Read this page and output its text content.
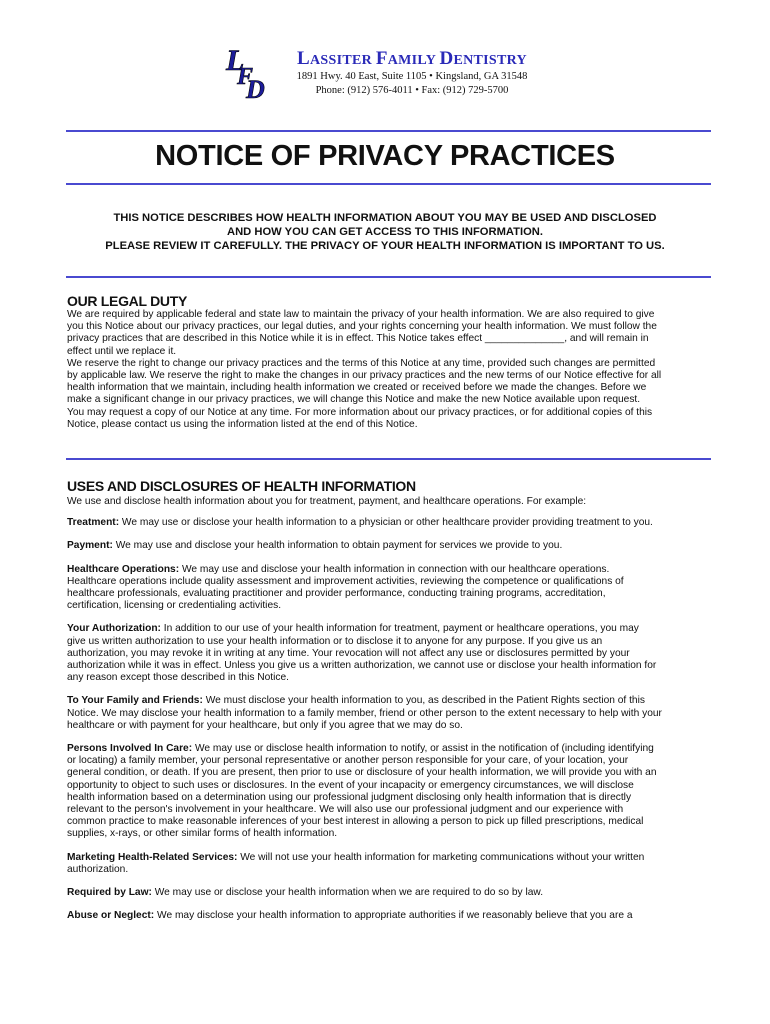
L
F
D
LASSITER FAMILY DENTISTRY
1891 Hwy. 40 East, Suite 1105 • Kingsland, GA 31548
Phone: (912) 576-4011 • Fax: (912) 729-5700
NOTICE OF PRIVACY PRACTICES
THIS NOTICE DESCRIBES HOW HEALTH INFORMATION ABOUT YOU MAY BE USED AND DISCLOSED
AND HOW YOU CAN GET ACCESS TO THIS INFORMATION.
PLEASE REVIEW IT CAREFULLY. THE PRIVACY OF YOUR HEALTH INFORMATION IS IMPORTANT TO US.
OUR LEGAL DUTY
We are required by applicable federal and state law to maintain the privacy of your health information. We are also required to give
you this Notice about our privacy practices, our legal duties, and your rights concerning your health information. We must follow the
privacy practices that are described in this Notice while it is in effect. This Notice takes effect ______________, and will remain in
effect until we replace it.
We reserve the right to change our privacy practices and the terms of this Notice at any time, provided such changes are permitted
by applicable law. We reserve the right to make the changes in our privacy practices and the new terms of our Notice effective for all
health information that we maintain, including health information we created or received before we made the changes. Before we
make a significant change in our privacy practices, we will change this Notice and make the new Notice available upon request.
You may request a copy of our Notice at any time. For more information about our privacy practices, or for additional copies of this
Notice, please contact us using the information listed at the end of this Notice.
USES AND DISCLOSURES OF HEALTH INFORMATION
We use and disclose health information about you for treatment, payment, and healthcare operations. For example:
Treatment: We may use or disclose your health information to a physician or other healthcare provider providing treatment to you.
Payment: We may use and disclose your health information to obtain payment for services we provide to you.
Healthcare Operations: We may use and disclose your health information in connection with our healthcare operations.
Healthcare operations include quality assessment and improvement activities, reviewing the competence or qualifications of
healthcare professionals, evaluating practitioner and provider performance, conducting training programs, accreditation,
certification, licensing or credentialing activities.
Your Authorization: In addition to our use of your health information for treatment, payment or healthcare operations, you may
give us written authorization to use your health information or to disclose it to anyone for any purpose. If you give us an
authorization, you may revoke it in writing at any time. Your revocation will not affect any use or disclosures permitted by your
authorization while it was in effect. Unless you give us a written authorization, we cannot use or disclose your health information for
any reason except those described in this Notice.
To Your Family and Friends: We must disclose your health information to you, as described in the Patient Rights section of this
Notice. We may disclose your health information to a family member, friend or other person to the extent necessary to help with your
healthcare or with payment for your healthcare, but only if you agree that we may do so.
Persons Involved In Care: We may use or disclose health information to notify, or assist in the notification of (including identifying
or locating) a family member, your personal representative or another person responsible for your care, of your location, your
general condition, or death. If you are present, then prior to use or disclosure of your health information, we will provide you with an
opportunity to object to such uses or disclosures. In the event of your incapacity or emergency circumstances, we will disclose
health information based on a determination using our professional judgment disclosing only health information that is directly
relevant to the person's involvement in your healthcare. We will also use our professional judgment and our experience with
common practice to make reasonable inferences of your best interest in allowing a person to pick up filled prescriptions, medical
supplies, x-rays, or other similar forms of health information.
Marketing Health-Related Services: We will not use your health information for marketing communications without your written
authorization.
Required by Law: We may use or disclose your health information when we are required to do so by law.
Abuse or Neglect: We may disclose your health information to appropriate authorities if we reasonably believe that you are a
